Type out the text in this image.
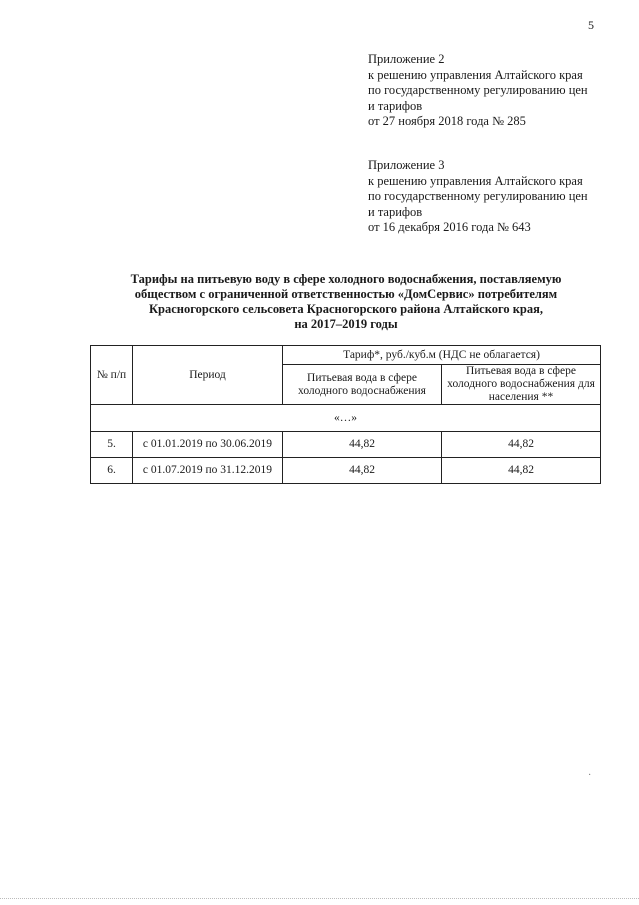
5
Приложение 2
к решению управления Алтайского края
по государственному регулированию цен
и тарифов
от 27 ноября 2018 года № 285
Приложение 3
к решению управления Алтайского края
по государственному регулированию цен
и тарифов
от 16 декабря 2016 года № 643
Тарифы на питьевую воду в сфере холодного водоснабжения, поставляемую
обществом с ограниченной ответственностью «ДомСервис» потребителям
Красногорского сельсовета Красногорского района Алтайского края,
на 2017–2019 годы
№ п/п	Период	Тариф*, руб./куб.м (НДС не облагается)	
		Питьевая вода в сфере холодного водоснабжения	Питьевая вода в сфере холодного водоснабжения для населения **
«…»			
5.	с 01.01.2019 по 30.06.2019	44,82	44,82
6.	с 01.07.2019 по 31.12.2019	44,82	44,82
·
